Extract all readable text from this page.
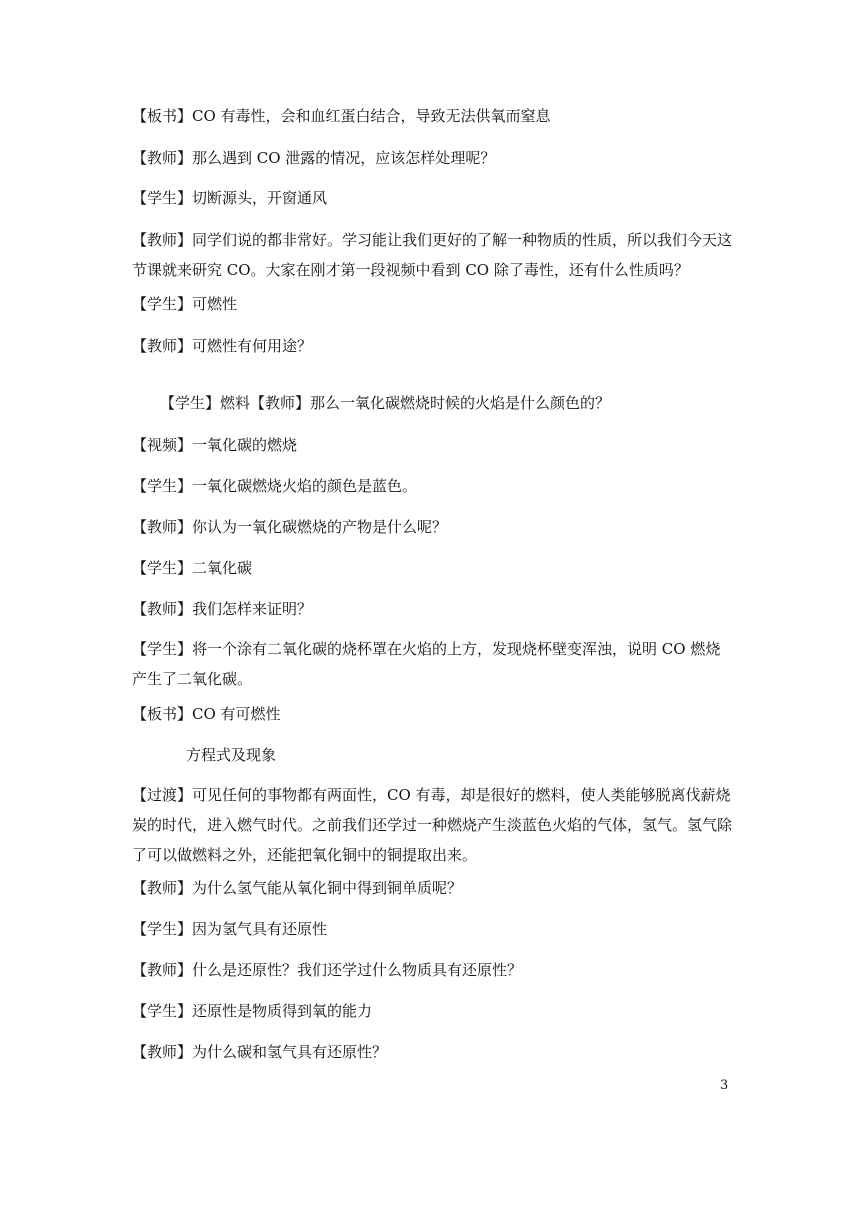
【板书】CO 有毒性，会和血红蛋白结合，导致无法供氧而窒息

【教师】那么遇到 CO 泄露的情况，应该怎样处理呢？

【学生】切断源头，开窗通风

【教师】同学们说的都非常好。学习能让我们更好的了解一种物质的性质，所以我们今天这节课就来研究 CO。大家在刚才第一段视频中看到 CO 除了毒性，还有什么性质吗？

【学生】可燃性

【教师】可燃性有何用途？

【学生】燃料【教师】那么一氧化碳燃烧时候的火焰是什么颜色的？

【视频】一氧化碳的燃烧

【学生】一氧化碳燃烧火焰的颜色是蓝色。

【教师】你认为一氧化碳燃烧的产物是什么呢？

【学生】二氧化碳

【教师】我们怎样来证明？

【学生】将一个涂有二氧化碳的烧杯罩在火焰的上方，发现烧杯壁变浑浊，说明 CO 燃烧产生了二氧化碳。

【板书】CO 有可燃性

方程式及现象

【过渡】可见任何的事物都有两面性，CO 有毒，却是很好的燃料，使人类能够脱离伐薪烧炭的时代，进入燃气时代。之前我们还学过一种燃烧产生淡蓝色火焰的气体，氢气。氢气除了可以做燃料之外，还能把氧化铜中的铜提取出来。

【教师】为什么氢气能从氧化铜中得到铜单质呢？

【学生】因为氢气具有还原性

【教师】什么是还原性？我们还学过什么物质具有还原性？

【学生】还原性是物质得到氧的能力

【教师】为什么碳和氢气具有还原性？

3
